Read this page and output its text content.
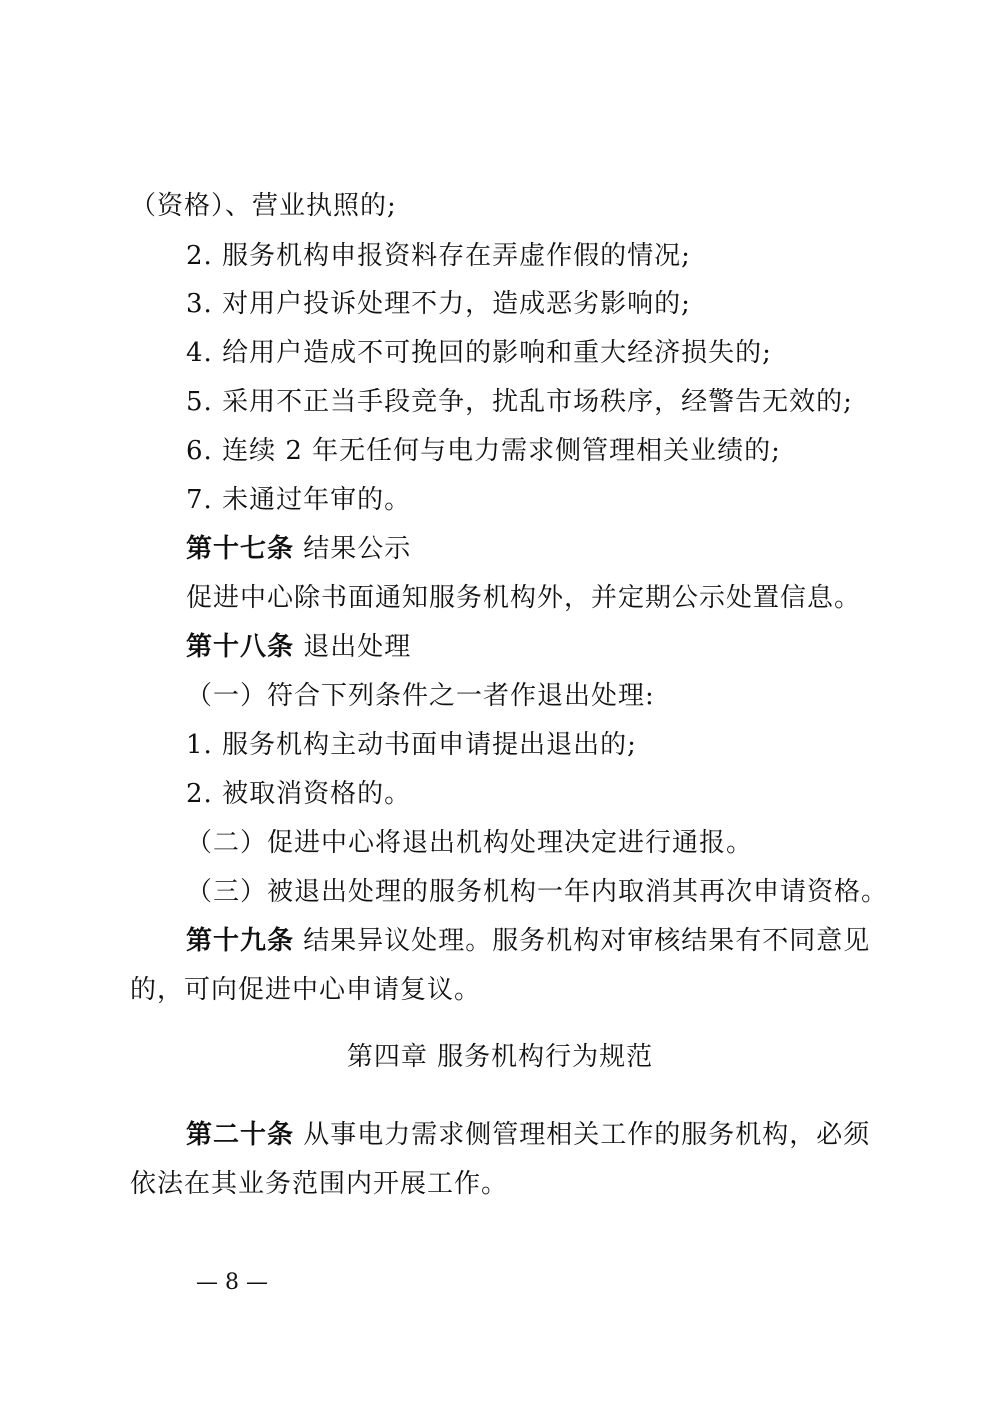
（资格）、营业执照的;
2. 服务机构申报资料存在弄虚作假的情况;
3. 对用户投诉处理不力，造成恶劣影响的;
4. 给用户造成不可挽回的影响和重大经济损失的;
5. 采用不正当手段竞争，扰乱市场秩序，经警告无效的;
6. 连续 2 年无任何与电力需求侧管理相关业绩的;
7. 未通过年审的。
第十七条 结果公示
促进中心除书面通知服务机构外，并定期公示处置信息。
第十八条 退出处理
（一）符合下列条件之一者作退出处理:
1. 服务机构主动书面申请提出退出的;
2. 被取消资格的。
（二）促进中心将退出机构处理决定进行通报。
（三）被退出处理的服务机构一年内取消其再次申请资格。
第十九条 结果异议处理。服务机构对审核结果有不同意见
的，可向促进中心申请复议。
第四章 服务机构行为规范
第二十条 从事电力需求侧管理相关工作的服务机构，必须
依法在其业务范围内开展工作。
— 8 —
